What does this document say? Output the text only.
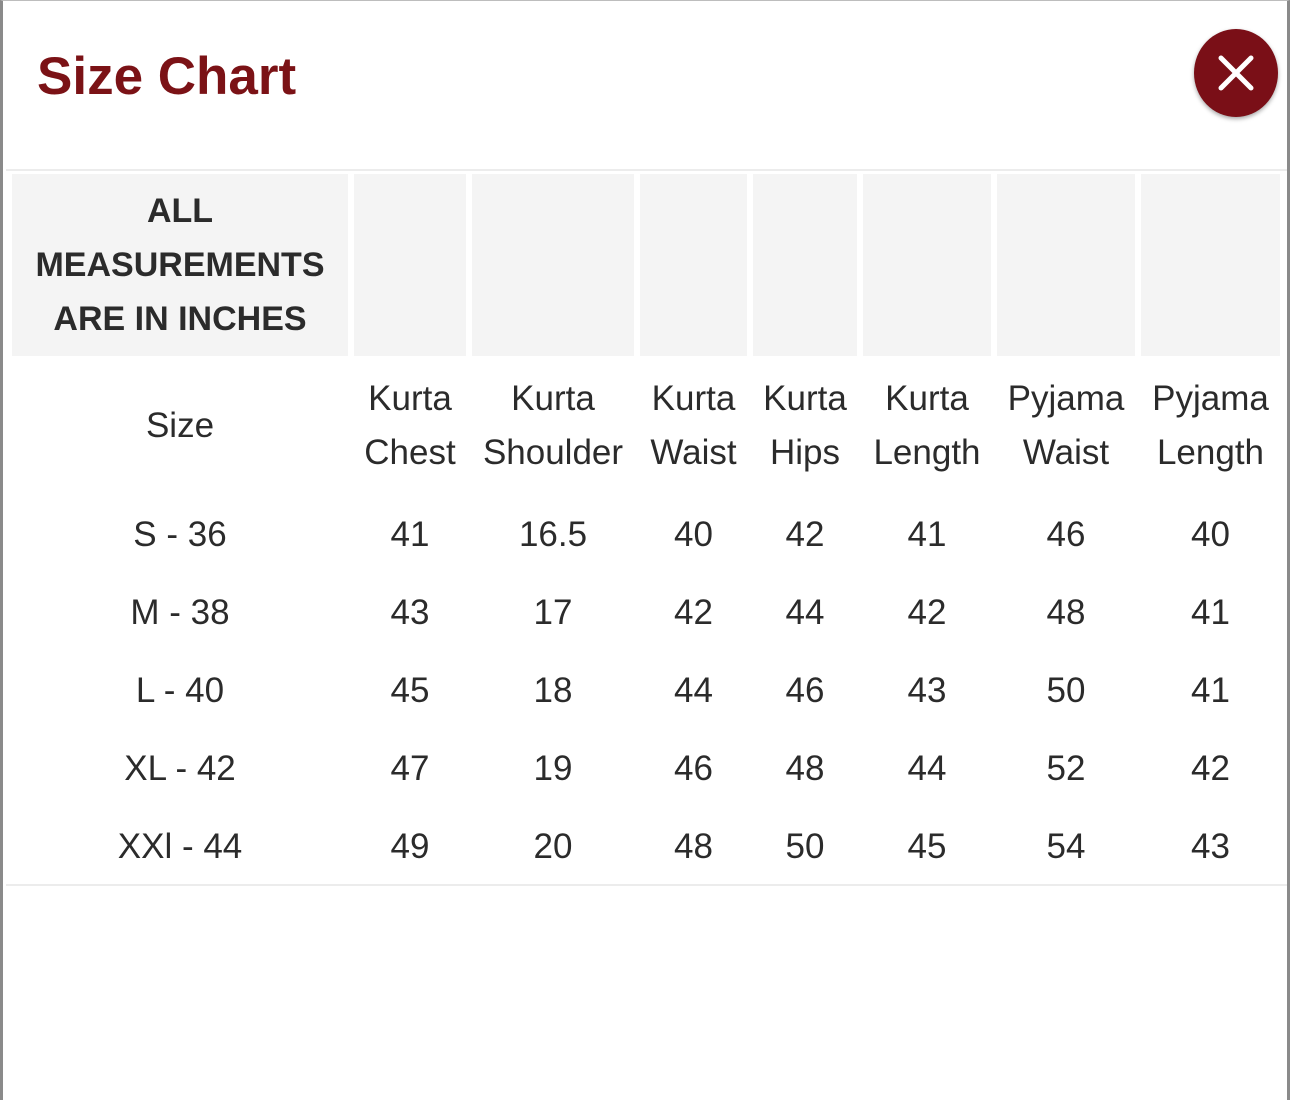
Size Chart
ALL MEASUREMENTS ARE IN INCHES							
Size	Kurta Chest	Kurta Shoulder	Kurta Waist	Kurta Hips	Kurta Length	Pyjama Waist	Pyjama Length
S - 36	41	16.5	40	42	41	46	40
M - 38	43	17	42	44	42	48	41
L - 40	45	18	44	46	43	50	41
XL - 42	47	19	46	48	44	52	42
XXl - 44	49	20	48	50	45	54	43
